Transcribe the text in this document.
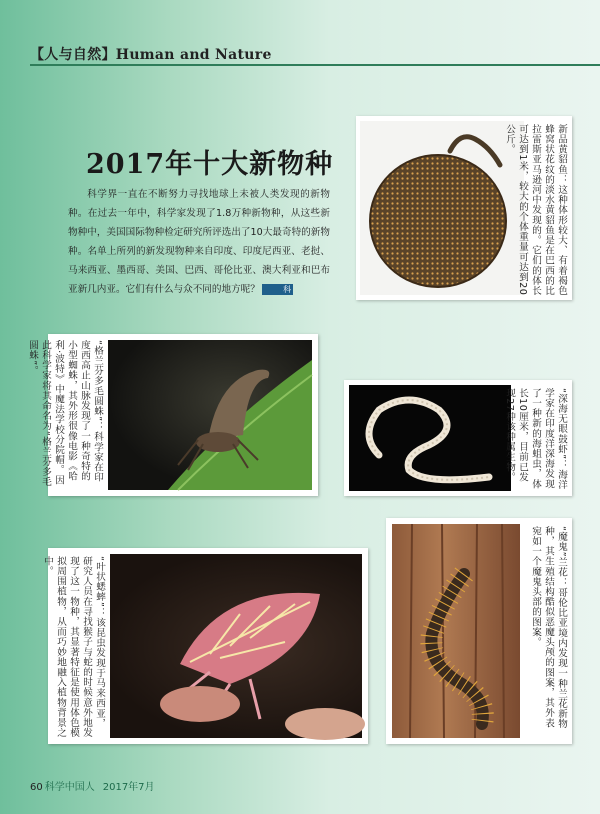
【人与自然】Human and Nature
2017年十大新物种
科学界一直在不断努力寻找地球上未被人类发现的新物种。在过去一年中，科学家发现了1.8万种新物种，从这些新物种中，美国国际物种检定研究所评选出了10大最奇特的新物种。名单上所列的新发现物种来自印度、印度尼西亚、老挝、马来西亚、墨西哥、美国、巴西、哥伦比亚、澳大利亚和巴布亚新几内亚。它们有什么与众不同的地方呢？	科	新品黄貂鱼：这种体形较大、有着褐色蜂窝状花纹的淡水黄貂鱼是在巴西的比拉雷斯亚马逊河中发现的。它们的体长可达到1米，较大的个体重量可达到20公斤。
“格兰芬多毛圆蛛”：科学家在印度西高止山脉发现了一种奇特的小型蜘蛛，其外形很像电影《哈利·波特》中魔法学校分院帽。因此科学家将其命名为“格兰芬多毛圆蛛”。
“深海无眼鼓虾”：海洋学家在印度洋深海发现了一种新的海蛆虫，体长10厘米，目前已发现27种该种属生物。
“叶状蟋蟀”：该昆虫发现于马来西亚，研究人员在寻找猴子与蛇的时候意外地发现了这一物种，其显著特征是使用体色模拟周围植物，从而巧妙地融入植物背景之中。	“魔鬼”兰花：哥伦比亚境内发现一种兰花新物种，其生殖结构酷似恶魔头颅的图案，其外表宛如一个魔鬼头部的图案。
60 科学中国人 2017年7月
